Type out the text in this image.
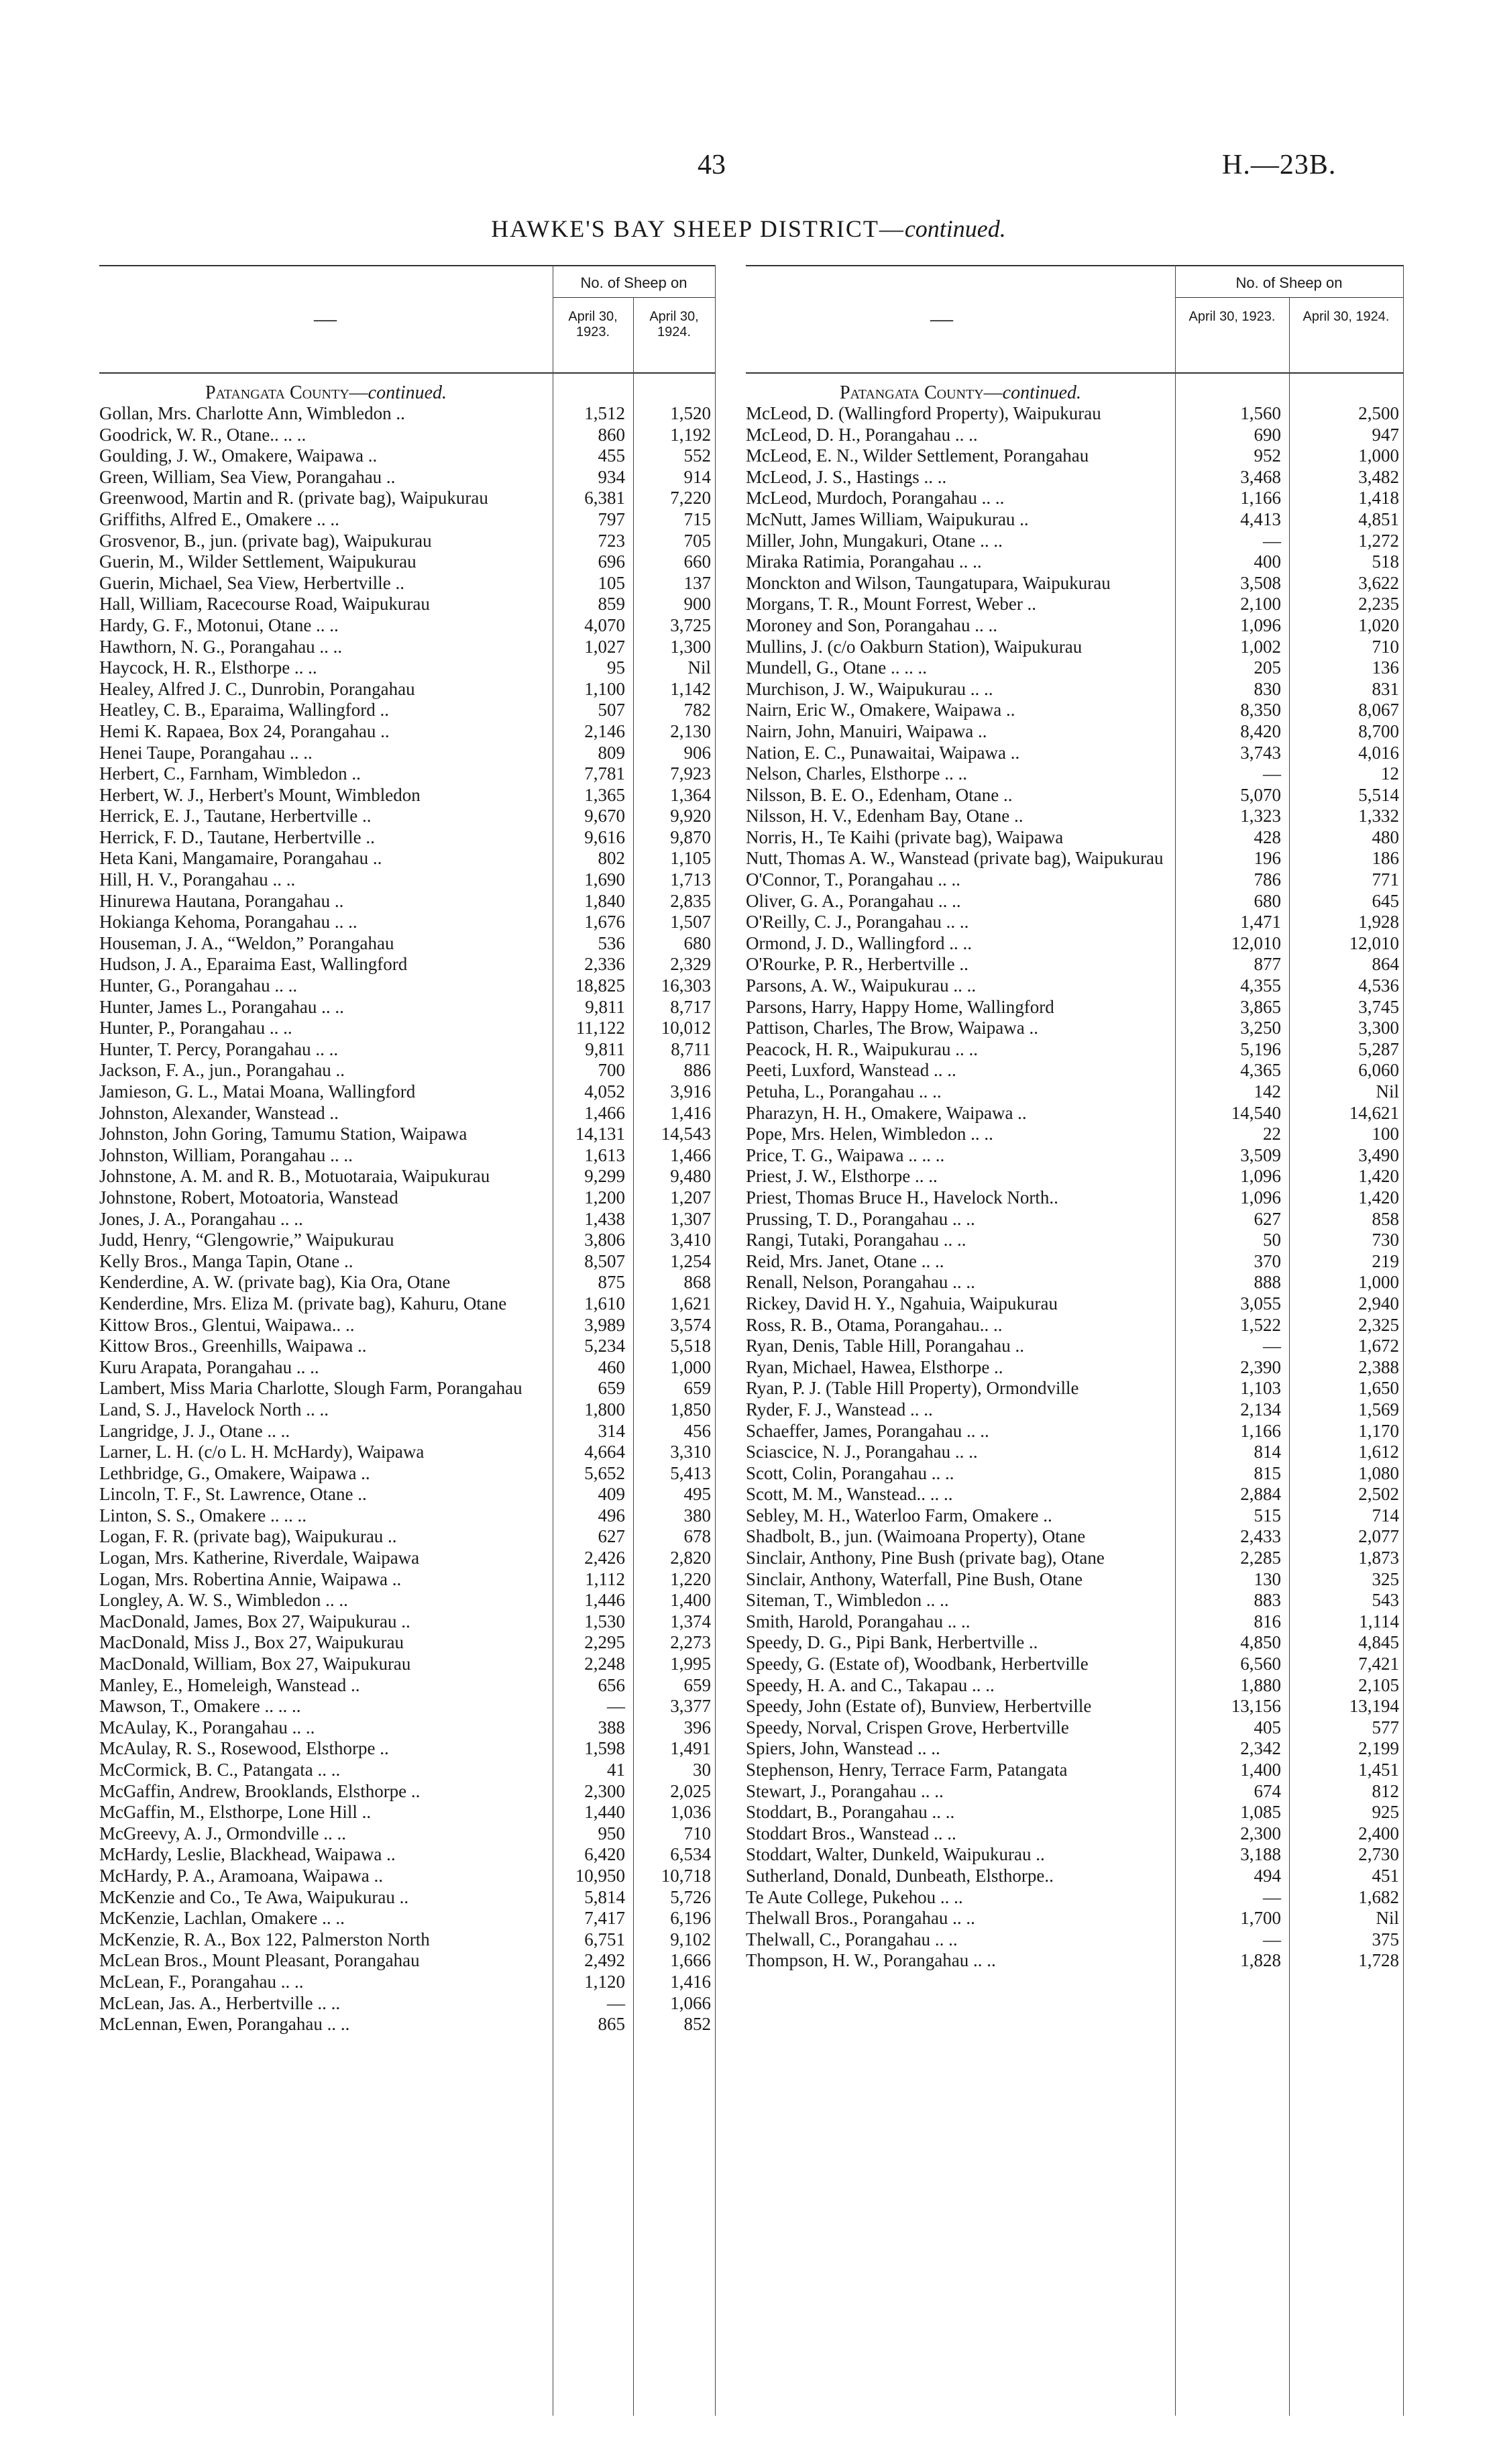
43	H.—23B.
HAWKE'S BAY SHEEP DISTRICT—continued.
—
No. of Sheep on
April 30, 1923.
April 30, 1924.
Patangata County—continued.
Gollan, Mrs. Charlotte Ann, Wimbledon ..	1,512	1,520
Goodrick, W. R., Otane.. .. ..	860	1,192
Goulding, J. W., Omakere, Waipawa ..	455	552
Green, William, Sea View, Porangahau ..	934	914
Greenwood, Martin and R. (private bag), Waipukurau	6,381	7,220
Griffiths, Alfred E., Omakere .. ..	797	715
Grosvenor, B., jun. (private bag), Waipukurau	723	705
Guerin, M., Wilder Settlement, Waipukurau	696	660
Guerin, Michael, Sea View, Herbertville ..	105	137
Hall, William, Racecourse Road, Waipukurau	859	900
Hardy, G. F., Motonui, Otane .. ..	4,070	3,725
Hawthorn, N. G., Porangahau .. ..	1,027	1,300
Haycock, H. R., Elsthorpe .. ..	95	Nil
Healey, Alfred J. C., Dunrobin, Porangahau	1,100	1,142
Heatley, C. B., Eparaima, Wallingford ..	507	782
Hemi K. Rapaea, Box 24, Porangahau ..	2,146	2,130
Henei Taupe, Porangahau .. ..	809	906
Herbert, C., Farnham, Wimbledon ..	7,781	7,923
Herbert, W. J., Herbert's Mount, Wimbledon	1,365	1,364
Herrick, E. J., Tautane, Herbertville ..	9,670	9,920
Herrick, F. D., Tautane, Herbertville ..	9,616	9,870
Heta Kani, Mangamaire, Porangahau ..	802	1,105
Hill, H. V., Porangahau .. ..	1,690	1,713
Hinurewa Hautana, Porangahau ..	1,840	2,835
Hokianga Kehoma, Porangahau .. ..	1,676	1,507
Houseman, J. A., “Weldon,” Porangahau	536	680
Hudson, J. A., Eparaima East, Wallingford	2,336	2,329
Hunter, G., Porangahau .. ..	18,825	16,303
Hunter, James L., Porangahau .. ..	9,811	8,717
Hunter, P., Porangahau .. ..	11,122	10,012
Hunter, T. Percy, Porangahau .. ..	9,811	8,711
Jackson, F. A., jun., Porangahau ..	700	886
Jamieson, G. L., Matai Moana, Wallingford	4,052	3,916
Johnston, Alexander, Wanstead ..	1,466	1,416
Johnston, John Goring, Tamumu Station, Waipawa	14,131	14,543
Johnston, William, Porangahau .. ..	1,613	1,466
Johnstone, A. M. and R. B., Motuotaraia, Waipukurau	9,299	9,480
Johnstone, Robert, Motoatoria, Wanstead	1,200	1,207
Jones, J. A., Porangahau .. ..	1,438	1,307
Judd, Henry, “Glengowrie,” Waipukurau	3,806	3,410
Kelly Bros., Manga Tapin, Otane ..	8,507	1,254
Kenderdine, A. W. (private bag), Kia Ora, Otane	875	868
Kenderdine, Mrs. Eliza M. (private bag), Kahuru, Otane	1,610	1,621
Kittow Bros., Glentui, Waipawa.. ..	3,989	3,574
Kittow Bros., Greenhills, Waipawa ..	5,234	5,518
Kuru Arapata, Porangahau .. ..	460	1,000
Lambert, Miss Maria Charlotte, Slough Farm, Porangahau	659	659
Land, S. J., Havelock North .. ..	1,800	1,850
Langridge, J. J., Otane .. ..	314	456
Larner, L. H. (c/o L. H. McHardy), Waipawa	4,664	3,310
Lethbridge, G., Omakere, Waipawa ..	5,652	5,413
Lincoln, T. F., St. Lawrence, Otane ..	409	495
Linton, S. S., Omakere .. .. ..	496	380
Logan, F. R. (private bag), Waipukurau ..	627	678
Logan, Mrs. Katherine, Riverdale, Waipawa	2,426	2,820
Logan, Mrs. Robertina Annie, Waipawa ..	1,112	1,220
Longley, A. W. S., Wimbledon .. ..	1,446	1,400
MacDonald, James, Box 27, Waipukurau ..	1,530	1,374
MacDonald, Miss J., Box 27, Waipukurau	2,295	2,273
MacDonald, William, Box 27, Waipukurau	2,248	1,995
Manley, E., Homeleigh, Wanstead ..	656	659
Mawson, T., Omakere .. .. ..	—	3,377
McAulay, K., Porangahau .. ..	388	396
McAulay, R. S., Rosewood, Elsthorpe ..	1,598	1,491
McCormick, B. C., Patangata .. ..	41	30
McGaffin, Andrew, Brooklands, Elsthorpe ..	2,300	2,025
McGaffin, M., Elsthorpe, Lone Hill ..	1,440	1,036
McGreevy, A. J., Ormondville .. ..	950	710
McHardy, Leslie, Blackhead, Waipawa ..	6,420	6,534
McHardy, P. A., Aramoana, Waipawa ..	10,950	10,718
McKenzie and Co., Te Awa, Waipukurau ..	5,814	5,726
McKenzie, Lachlan, Omakere .. ..	7,417	6,196
McKenzie, R. A., Box 122, Palmerston North	6,751	9,102
McLean Bros., Mount Pleasant, Porangahau	2,492	1,666
McLean, F., Porangahau .. ..	1,120	1,416
McLean, Jas. A., Herbertville .. ..	—	1,066
McLennan, Ewen, Porangahau .. ..	865	852
—
No. of Sheep on
April 30, 1923.	April 30, 1924.
Patangata County—continued.
McLeod, D. (Wallingford Property), Waipukurau	1,560	2,500
McLeod, D. H., Porangahau .. ..	690	947
McLeod, E. N., Wilder Settlement, Porangahau	952	1,000
McLeod, J. S., Hastings .. ..	3,468	3,482
McLeod, Murdoch, Porangahau .. ..	1,166	1,418
McNutt, James William, Waipukurau ..	4,413	4,851
Miller, John, Mungakuri, Otane .. ..	—	1,272
Miraka Ratimia, Porangahau .. ..	400	518
Monckton and Wilson, Taungatupara, Waipukurau	3,508	3,622
Morgans, T. R., Mount Forrest, Weber ..	2,100	2,235
Moroney and Son, Porangahau .. ..	1,096	1,020
Mullins, J. (c/o Oakburn Station), Waipukurau	1,002	710
Mundell, G., Otane .. .. ..	205	136
Murchison, J. W., Waipukurau .. ..	830	831
Nairn, Eric W., Omakere, Waipawa ..	8,350	8,067
Nairn, John, Manuiri, Waipawa ..	8,420	8,700
Nation, E. C., Punawaitai, Waipawa ..	3,743	4,016
Nelson, Charles, Elsthorpe .. ..	—	12
Nilsson, B. E. O., Edenham, Otane ..	5,070	5,514
Nilsson, H. V., Edenham Bay, Otane ..	1,323	1,332
Norris, H., Te Kaihi (private bag), Waipawa	428	480
Nutt, Thomas A. W., Wanstead (private bag), Waipukurau	196	186
O'Connor, T., Porangahau .. ..	786	771
Oliver, G. A., Porangahau .. ..	680	645
O'Reilly, C. J., Porangahau .. ..	1,471	1,928
Ormond, J. D., Wallingford .. ..	12,010	12,010
O'Rourke, P. R., Herbertville ..	877	864
Parsons, A. W., Waipukurau .. ..	4,355	4,536
Parsons, Harry, Happy Home, Wallingford	3,865	3,745
Pattison, Charles, The Brow, Waipawa ..	3,250	3,300
Peacock, H. R., Waipukurau .. ..	5,196	5,287
Peeti, Luxford, Wanstead .. ..	4,365	6,060
Petuha, L., Porangahau .. ..	142	Nil
Pharazyn, H. H., Omakere, Waipawa ..	14,540	14,621
Pope, Mrs. Helen, Wimbledon .. ..	22	100
Price, T. G., Waipawa .. .. ..	3,509	3,490
Priest, J. W., Elsthorpe .. ..	1,096	1,420
Priest, Thomas Bruce H., Havelock North..	1,096	1,420
Prussing, T. D., Porangahau .. ..	627	858
Rangi, Tutaki, Porangahau .. ..	50	730
Reid, Mrs. Janet, Otane .. ..	370	219
Renall, Nelson, Porangahau .. ..	888	1,000
Rickey, David H. Y., Ngahuia, Waipukurau	3,055	2,940
Ross, R. B., Otama, Porangahau.. ..	1,522	2,325
Ryan, Denis, Table Hill, Porangahau ..	—	1,672
Ryan, Michael, Hawea, Elsthorpe ..	2,390	2,388
Ryan, P. J. (Table Hill Property), Ormondville	1,103	1,650
Ryder, F. J., Wanstead .. ..	2,134	1,569
Schaeffer, James, Porangahau .. ..	1,166	1,170
Sciascice, N. J., Porangahau .. ..	814	1,612
Scott, Colin, Porangahau .. ..	815	1,080
Scott, M. M., Wanstead.. .. ..	2,884	2,502
Sebley, M. H., Waterloo Farm, Omakere ..	515	714
Shadbolt, B., jun. (Waimoana Property), Otane	2,433	2,077
Sinclair, Anthony, Pine Bush (private bag), Otane	2,285	1,873
Sinclair, Anthony, Waterfall, Pine Bush, Otane	130	325
Siteman, T., Wimbledon .. ..	883	543
Smith, Harold, Porangahau .. ..	816	1,114
Speedy, D. G., Pipi Bank, Herbertville ..	4,850	4,845
Speedy, G. (Estate of), Woodbank, Herbertville	6,560	7,421
Speedy, H. A. and C., Takapau .. ..	1,880	2,105
Speedy, John (Estate of), Bunview, Herbertville	13,156	13,194
Speedy, Norval, Crispen Grove, Herbertville	405	577
Spiers, John, Wanstead .. ..	2,342	2,199
Stephenson, Henry, Terrace Farm, Patangata	1,400	1,451
Stewart, J., Porangahau .. ..	674	812
Stoddart, B., Porangahau .. ..	1,085	925
Stoddart Bros., Wanstead .. ..	2,300	2,400
Stoddart, Walter, Dunkeld, Waipukurau ..	3,188	2,730
Sutherland, Donald, Dunbeath, Elsthorpe..	494	451
Te Aute College, Pukehou .. ..	—	1,682
Thelwall Bros., Porangahau .. ..	1,700	Nil
Thelwall, C., Porangahau .. ..	—	375
Thompson, H. W., Porangahau .. ..	1,828	1,728
